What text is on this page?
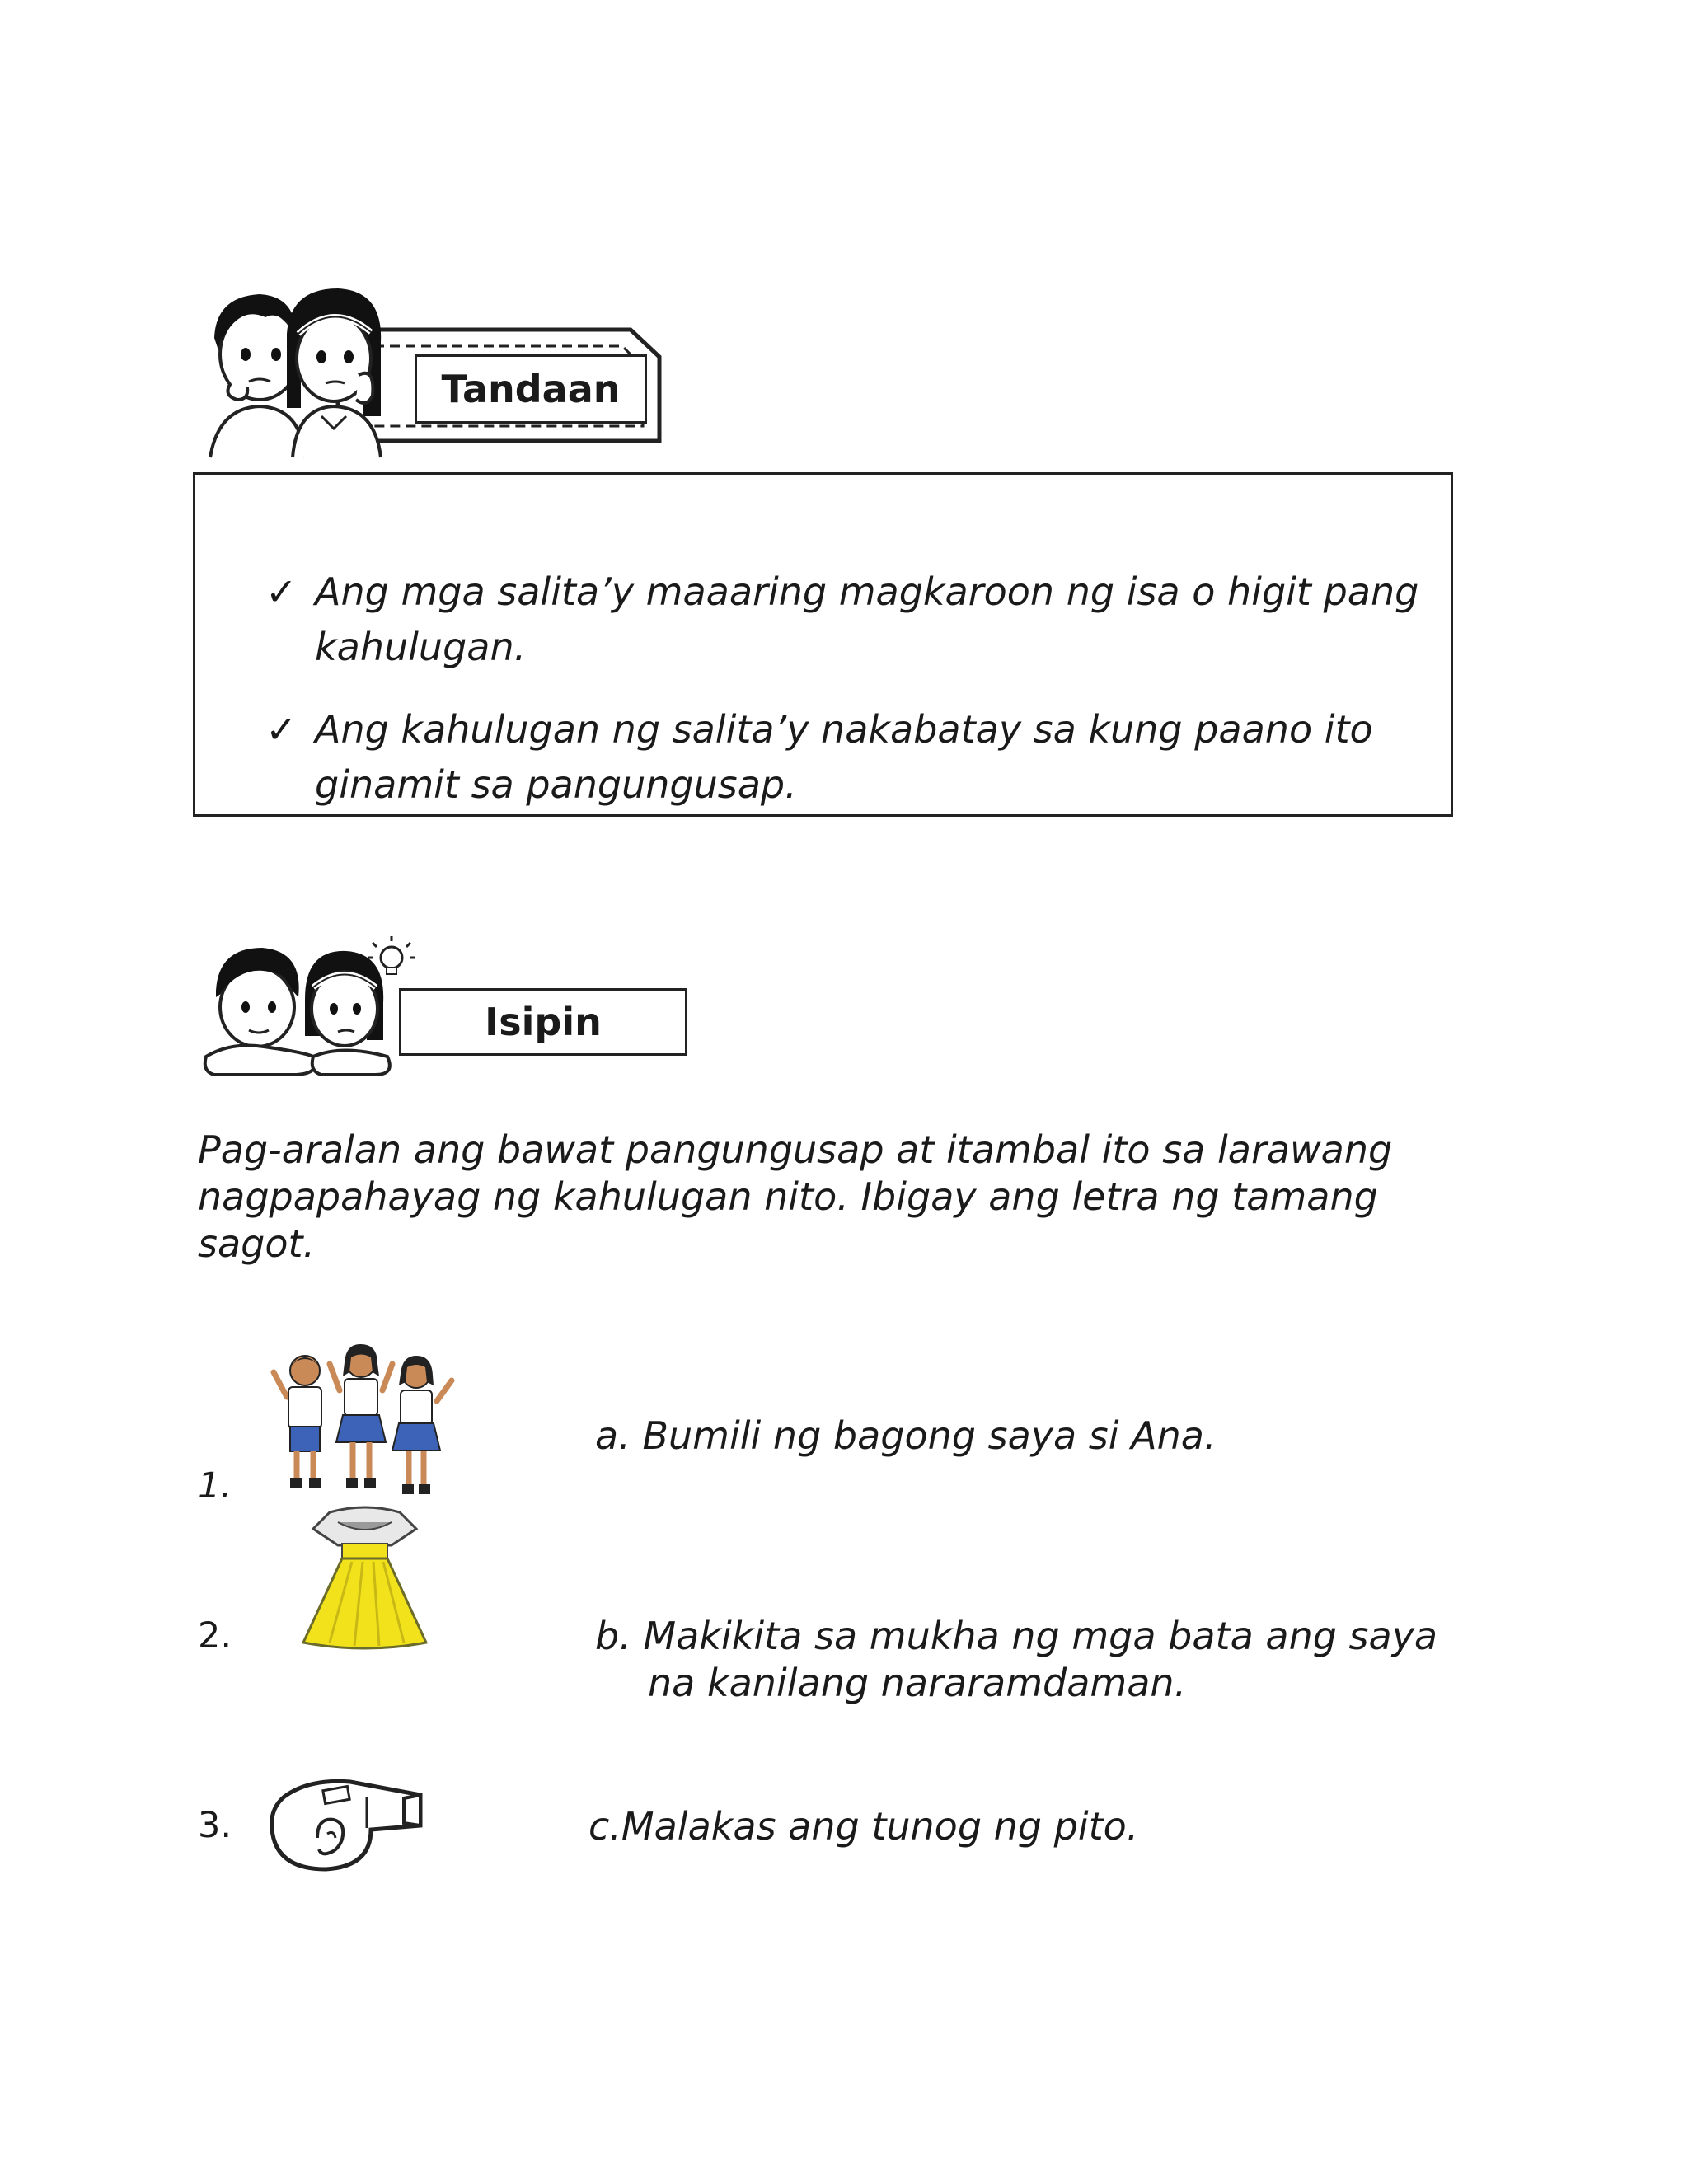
Tandaan
✓ Ang mga salita’y maaaring magkaroon ng isa o higit pang kahulugan.
✓ Ang kahulugan ng salita’y nakabatay sa kung paano ito ginamit sa pangungusap.
Isipin
Pag-aralan ang bawat pangungusap at itambal ito sa larawang nagpapahayag ng kahulugan nito. Ibigay ang letra ng tamang sagot.
1.
2.
3.
a. Bumili ng bagong saya si Ana.
b. Makikita sa mukha ng mga bata ang saya
na kanilang nararamdaman.
c.Malakas ang tunog ng pito.
